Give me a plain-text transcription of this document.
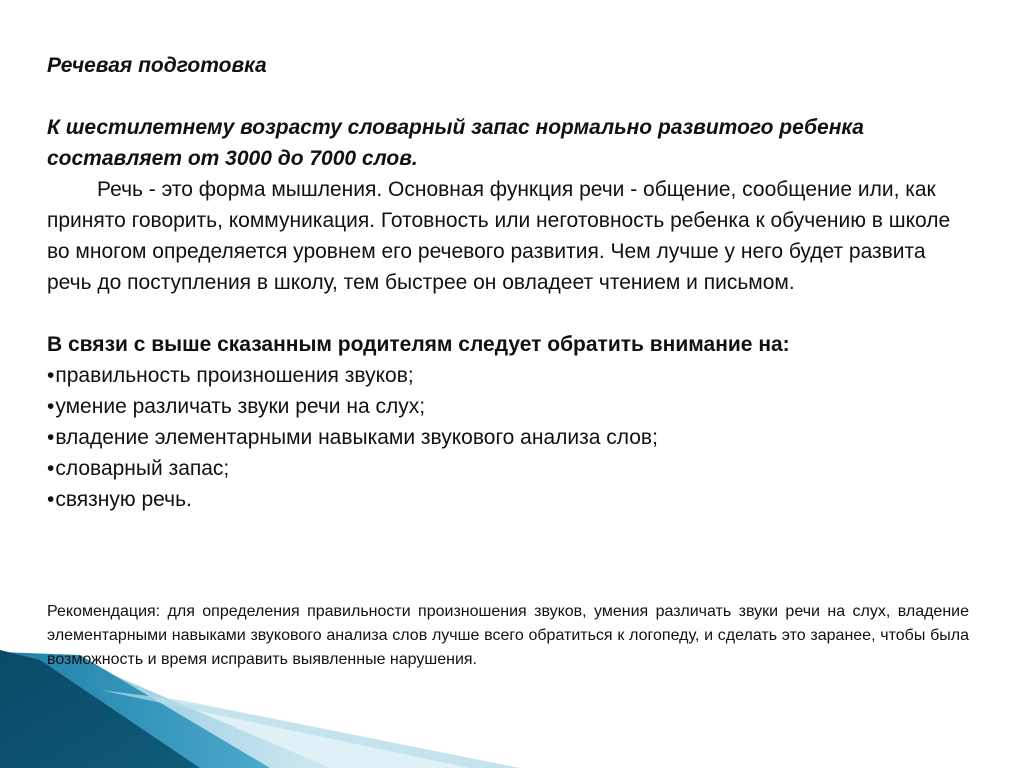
Речевая подготовка
К шестилетнему возрасту словарный запас нормально развитого ребенка составляет от 3000 до 7000 слов.
Речь - это форма мышления. Основная функция речи - общение, сообщение или, как принято говорить, коммуникация. Готовность или неготовность ребенка к обучению в школе во многом определяется уровнем его речевого развития. Чем лучше у него будет развита речь до поступления в школу, тем быстрее он овладеет чтением и письмом.
В связи с выше сказанным родителям следует обратить внимание на:
•правильность произношения звуков;
•умение различать звуки речи на слух;
•владение элементарными навыками звукового анализа слов;
•словарный запас;
•связную речь.
Рекомендация: для определения правильности произношения звуков, умения различать звуки речи на слух, владение элементарными навыками звукового анализа слов лучше всего обратиться к логопеду, и сделать это заранее, чтобы была возможность и время исправить выявленные нарушения.
